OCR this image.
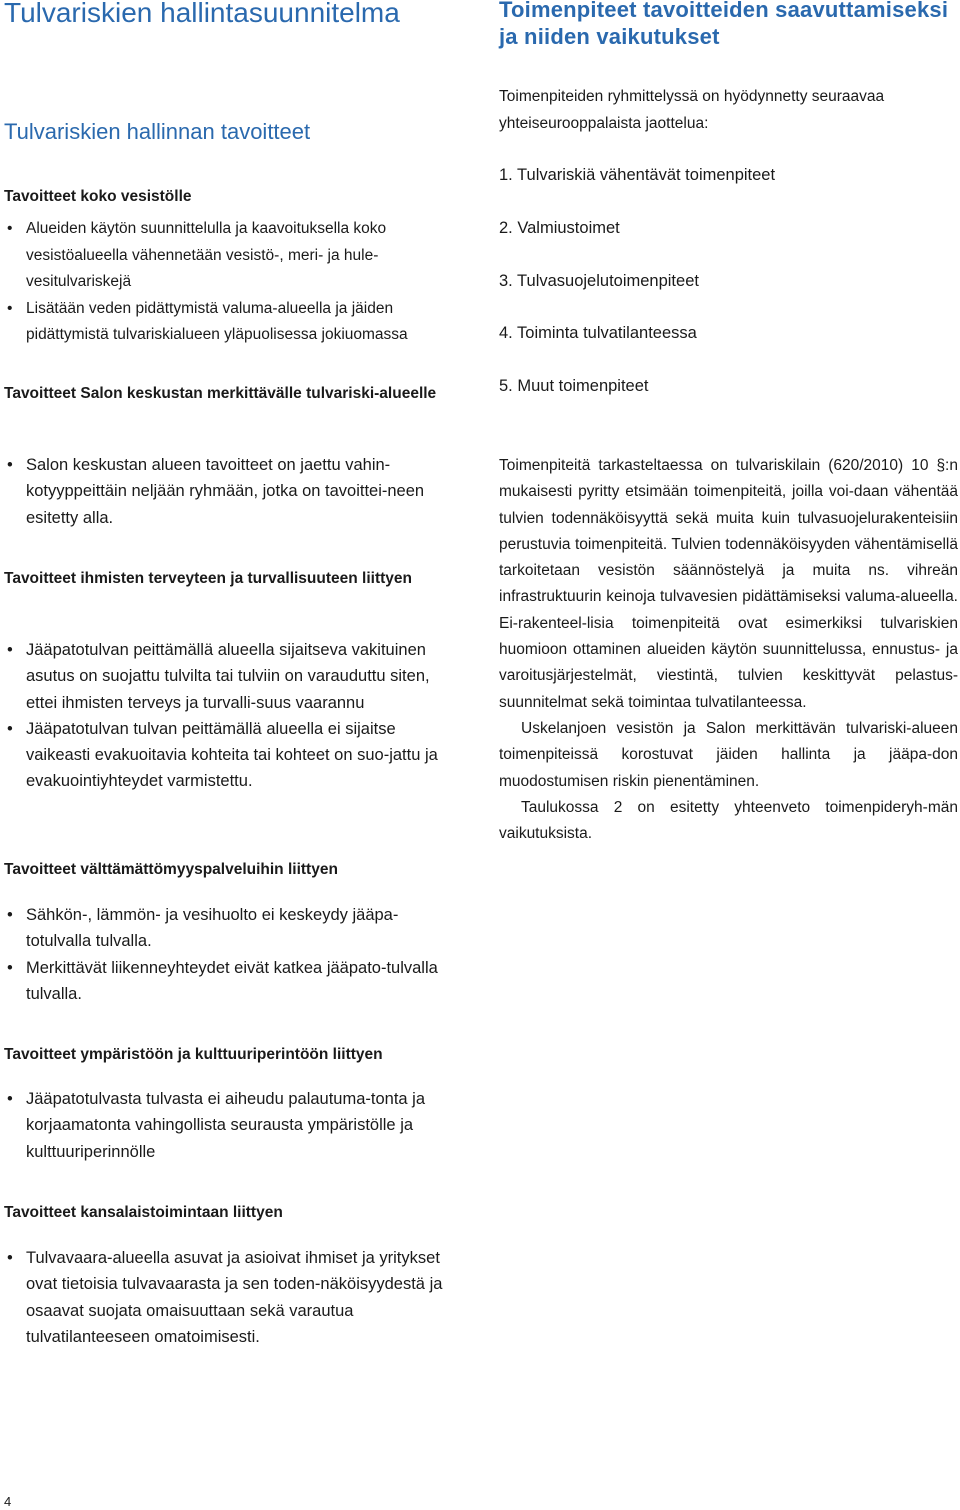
Tulvariskien hallintasuunnitelma
Tulvariskien hallinnan tavoitteet
Tavoitteet koko vesistölle
• Alueiden käytön suunnittelulla ja kaavoituksella koko vesistöalueella vähennetään vesistö-, meri- ja hule-vesitulvariskejä
• Lisätään veden pidättymistä valuma-alueella ja jäiden pidättymistä tulvariskialueen yläpuolisessa jokiuomassa
Tavoitteet Salon keskustan merkittävälle tulvariski-alueelle
• Salon keskustan alueen tavoitteet on jaettu vahin-kotyyppeittäin neljään ryhmään, jotka on tavoittei-neen esitetty alla.
Tavoitteet ihmisten terveyteen ja turvallisuuteen liittyen
• Jääpatotulvan peittämällä alueella sijaitseva vakituinen asutus on suojattu tulvilta tai tulviin on varauduttu siten, ettei ihmisten terveys ja turvalli-suus vaarannu
• Jääpatotulvan tulvan peittämällä alueella ei sijaitse vaikeasti evakuoitavia kohteita tai kohteet on suo-jattu ja evakuointiyhteydet varmistettu.
Tavoitteet välttämättömyyspalveluihin liittyen
• Sähkön-, lämmön- ja vesihuolto ei keskeydy jääpa-totulvalla tulvalla.
• Merkittävät liikenneyhteydet eivät katkea jääpato-tulvalla tulvalla.
Tavoitteet ympäristöön ja kulttuuriperintöön liittyen
• Jääpatotulvasta tulvasta ei aiheudu palautuma-tonta ja korjaamatonta vahingollista seurausta ympäristölle ja kulttuuriperinnölle
Tavoitteet kansalaistoimintaan liittyen
• Tulvavaara-alueella asuvat ja asioivat ihmiset ja yritykset ovat tietoisia tulvavaarasta ja sen toden-näköisyydestä ja osaavat suojata omaisuuttaan sekä varautua tulvatilanteeseen omatoimisesti.
Toimenpiteet tavoitteiden saavuttamiseksi ja niiden vaikutukset
Toimenpiteiden ryhmittelyssä on hyödynnetty seuraavaa yhteiseurooppalaista jaottelua:
1. Tulvariskiä vähentävät toimenpiteet
2. Valmiustoimet
3. Tulvasuojelutoimenpiteet
4. Toiminta tulvatilanteessa
5. Muut toimenpiteet

Toimenpiteitä tarkasteltaessa on tulvariskilain (620/2010) 10 §:n mukaisesti pyritty etsimään toimenpiteitä, joilla voi-daan vähentää tulvien todennäköisyyttä sekä muita kuin tulvasuojelurakenteisiin perustuvia toimenpiteitä. Tulvien todennäköisyyden vähentämisellä tarkoitetaan vesistön säännöstelyä ja muita ns. vihreän infrastruktuurin keinoja tulvavesien pidättämiseksi valuma-alueella. Ei-rakenteel-lisia toimenpiteitä ovat esimerkiksi tulvariskien huomioon ottaminen alueiden käytön suunnittelussa, ennustus- ja varoitusjärjestelmät, viestintä, tulvien keskittyvät pelastus-suunnitelmat sekä toimintaa tulvatilanteessa.

Uskelanjoen vesistön ja Salon merkittävän tulvariski-alueen toimenpiteissä korostuvat jäiden hallinta ja jääpa-don muodostumisen riskin pienentäminen.

Taulukossa 2 on esitetty yhteenveto toimenpideryh-män vaikutuksista.

4
